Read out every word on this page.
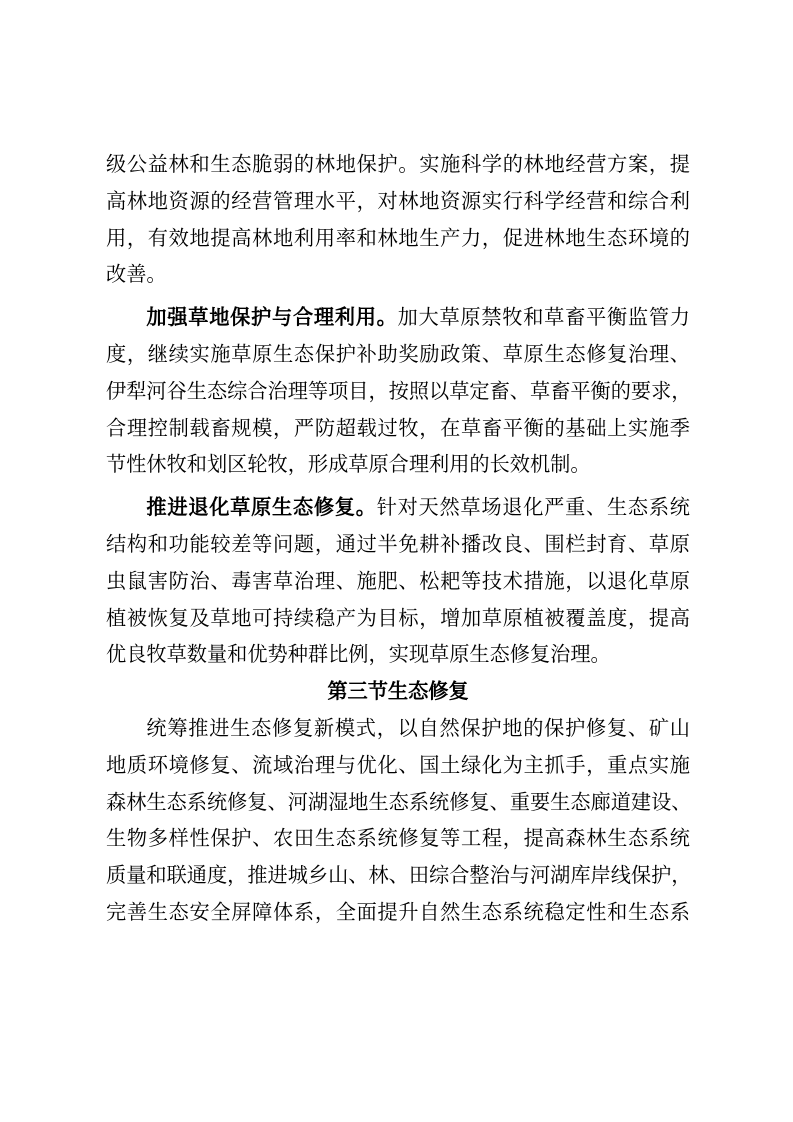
级公益林和生态脆弱的林地保护。实施科学的林地经营方案，提
高林地资源的经营管理水平，对林地资源实行科学经营和综合利
用，有效地提高林地利用率和林地生产力，促进林地生态环境的
改善。
加强草地保护与合理利用。加大草原禁牧和草畜平衡监管力
度，继续实施草原生态保护补助奖励政策、草原生态修复治理、
伊犁河谷生态综合治理等项目，按照以草定畜、草畜平衡的要求，
合理控制载畜规模，严防超载过牧，在草畜平衡的基础上实施季
节性休牧和划区轮牧，形成草原合理利用的长效机制。
推进退化草原生态修复。针对天然草场退化严重、生态系统
结构和功能较差等问题，通过半免耕补播改良、围栏封育、草原
虫鼠害防治、毒害草治理、施肥、松耙等技术措施，以退化草原
植被恢复及草地可持续稳产为目标，增加草原植被覆盖度，提高
优良牧草数量和优势种群比例，实现草原生态修复治理。
第三节生态修复
统筹推进生态修复新模式，以自然保护地的保护修复、矿山
地质环境修复、流域治理与优化、国土绿化为主抓手，重点实施
森林生态系统修复、河湖湿地生态系统修复、重要生态廊道建设、
生物多样性保护、农田生态系统修复等工程，提高森林生态系统
质量和联通度，推进城乡山、林、田综合整治与河湖库岸线保护，
完善生态安全屏障体系，全面提升自然生态系统稳定性和生态系
